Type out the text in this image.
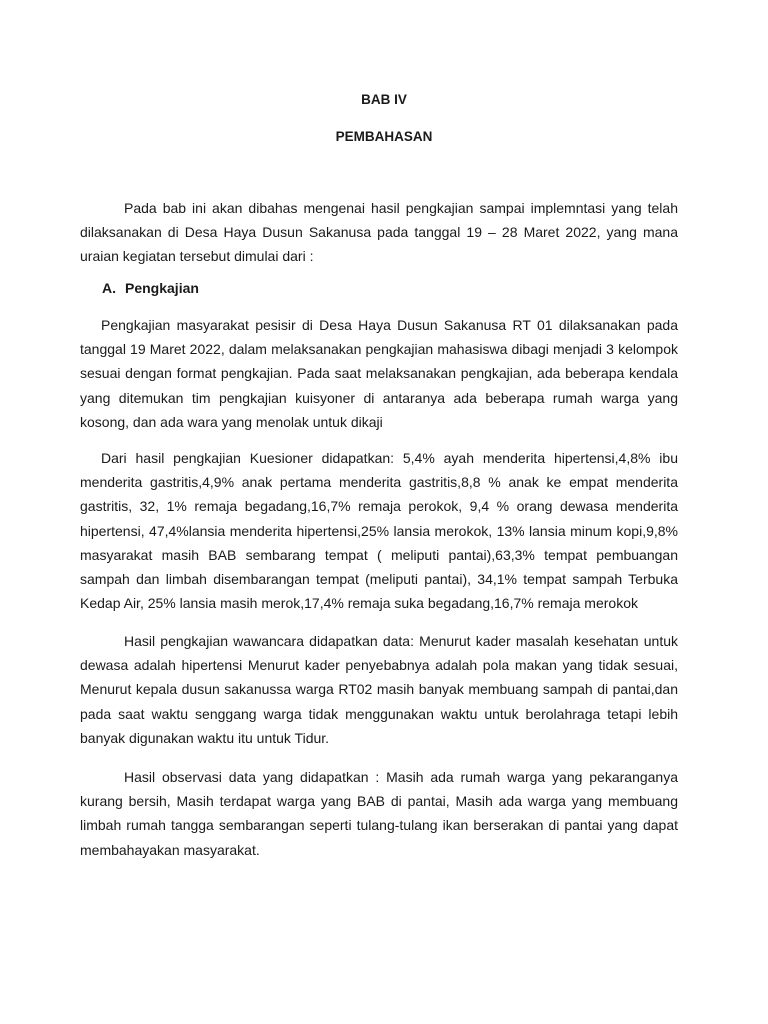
BAB IV
PEMBAHASAN

Pada bab ini akan dibahas mengenai hasil pengkajian sampai implemntasi yang telah dilaksanakan di Desa Haya Dusun Sakanusa pada tanggal 19 – 28 Maret 2022, yang mana uraian kegiatan tersebut dimulai dari :

A. Pengkajian

Pengkajian masyarakat pesisir di Desa Haya Dusun Sakanusa RT 01 dilaksanakan pada tanggal 19 Maret 2022, dalam melaksanakan pengkajian mahasiswa dibagi menjadi 3 kelompok sesuai dengan format pengkajian. Pada saat melaksanakan pengkajian, ada beberapa kendala yang ditemukan tim pengkajian kuisyoner di antaranya ada beberapa rumah warga yang kosong, dan ada wara yang menolak untuk dikaji

Dari hasil pengkajian Kuesioner didapatkan: 5,4% ayah menderita hipertensi,4,8% ibu menderita gastritis,4,9% anak pertama menderita gastritis,8,8 % anak ke empat menderita gastritis, 32, 1% remaja begadang,16,7% remaja perokok, 9,4 % orang dewasa menderita hipertensi, 47,4%lansia menderita hipertensi,25% lansia merokok, 13% lansia minum kopi,9,8% masyarakat masih BAB sembarang tempat ( meliputi pantai),63,3% tempat pembuangan sampah dan limbah disembarangan tempat (meliputi pantai), 34,1% tempat sampah Terbuka Kedap Air, 25% lansia masih merok,17,4% remaja suka begadang,16,7% remaja merokok

Hasil pengkajian wawancara didapatkan data: Menurut kader masalah kesehatan untuk dewasa adalah hipertensi Menurut kader penyebabnya adalah pola makan yang tidak sesuai, Menurut kepala dusun sakanussa warga RT02 masih banyak membuang sampah di pantai,dan pada saat waktu senggang warga tidak menggunakan waktu untuk berolahraga tetapi lebih banyak digunakan waktu itu untuk Tidur.

Hasil observasi data yang didapatkan : Masih ada rumah warga yang pekaranganya kurang bersih, Masih terdapat warga yang BAB di pantai, Masih ada warga yang membuang limbah rumah tangga sembarangan seperti tulang-tulang ikan berserakan di pantai yang dapat membahayakan masyarakat.
